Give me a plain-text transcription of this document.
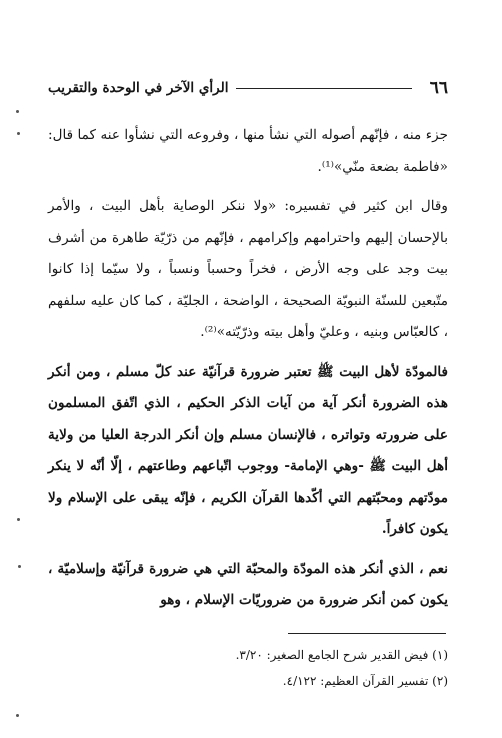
٦٦
الرأي الآخر في الوحدة والتقريب

جزء منه ، فإنّهم أصوله التي نشأ منها ، وفروعه التي نشأوا عنه كما قال: «فاطمة بضعة منّي»⁽¹⁾.

وقال ابن كثير في تفسيره: «ولا ننكر الوصاية بأهل البيت ، والأمر بالإحسان إليهم واحترامهم وإكرامهم ، فإنّهم من ذرّيّة طاهرة من أشرف بيت وجد على وجه الأرض ، فخراً وحسباً ونسباً ، ولا سيّما إذا كانوا متّبعين للسنّة النبويّة الصحيحة ، الواضحة ، الجليّة ، كما كان عليه سلفهم ، كالعبّاس وبنيه ، وعليّ وأهل بيته وذرّيّته»⁽²⁾.

فالمودّة لأهل البيت ﷺ تعتبر ضرورة قرآنيّة عند كلّ مسلم ، ومن أنكر هذه الضرورة أنكر آية من آيات الذكر الحكيم ، الذي اتّفق المسلمون على ضرورته وتواتره ، فالإنسان مسلم وإن أنكر الدرجة العليا من ولاية أهل البيت ﷺ -وهي الإمامة- ووجوب اتّباعهم وطاعتهم ، إلّا أنّه لا ينكر مودّتهم ومحبّتهم التي أكّدها القرآن الكريم ، فإنّه يبقى على الإسلام ولا يكون كافراً.

نعم ، الذي أنكر هذه المودّة والمحبّة التي هي ضرورة قرآنيّة وإسلاميّة ، يكون كمن أنكر ضرورة من ضروريّات الإسلام ، وهو

(١) فيض القدير شرح الجامع الصغير: ٣/٢٠.

(٢) تفسير القرآن العظيم: ٤/١٢٢.
